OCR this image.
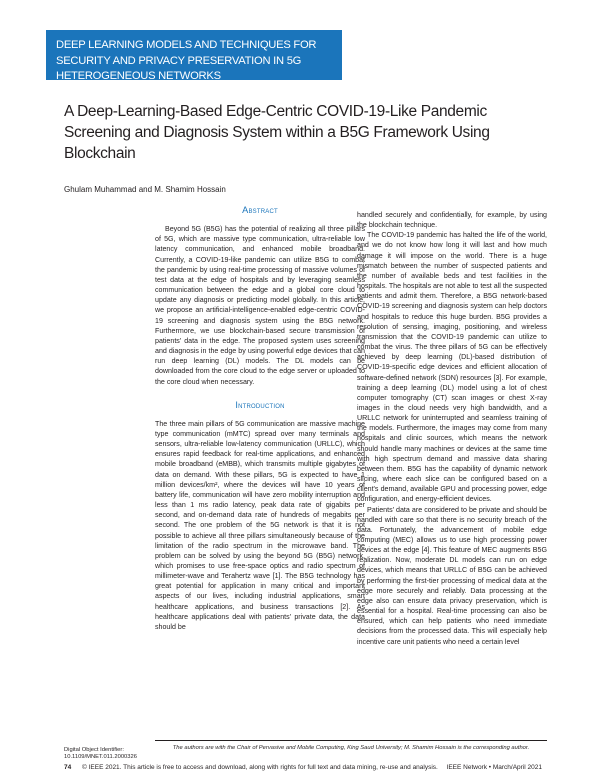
DEEP LEARNING MODELS AND TECHNIQUES FOR SECURITY AND PRIVACY PRESERVATION IN 5G HETEROGENEOUS NETWORKS
A Deep-Learning-Based Edge-Centric COVID-19-Like Pandemic Screening and Diagnosis System within a B5G Framework Using Blockchain
Ghulam Muhammad and M. Shamim Hossain
Abstract

Beyond 5G (B5G) has the potential of realizing all three pillars of 5G, which are massive type communication, ultra-reliable low latency communication, and enhanced mobile broadband. Currently, a COVID-19-like pandemic can utilize B5G to combat the pandemic by using real-time processing of massive volumes of test data at the edge of hospitals and by leveraging seamless communication between the edge and a global core cloud to update any diagnosis or predicting model globally. In this article, we propose an artificial-intelligence-enabled edge-centric COVID-19 screening and diagnosis system using the B5G network. Furthermore, we use blockchain-based secure transmission of patients' data in the edge. The proposed system uses screening and diagnosis in the edge by using powerful edge devices that can run deep learning (DL) models. The DL models can be downloaded from the core cloud to the edge server or uploaded to the core cloud when necessary.

Introduction

The three main pillars of 5G communication are massive machine type communication (mMTC) spread over many terminals and sensors, ultra-reliable low-latency communication (URLLC), which ensures rapid feedback for real-time applications, and enhanced mobile broadband (eMBB), which transmits multiple gigabytes of data on demand. With these pillars, 5G is expected to have 1 million devices/km², where the devices will have 10 years of battery life, communication will have zero mobility interruption and less than 1 ms radio latency, peak data rate of gigabits per second, and on-demand data rate of hundreds of megabits per second. The one problem of the 5G network is that it is not possible to achieve all three pillars simultaneously because of the limitation of the radio spectrum in the microwave band. The problem can be solved by using the beyond 5G (B5G) network, which promises to use free-space optics and radio spectrum of millimeter-wave and Terahertz wave [1]. The B5G technology has great potential for application in many critical and important aspects of our lives, including industrial applications, smart healthcare applications, and business transactions [2]. As healthcare applications deal with patients' private data, the data should be

handled securely and confidentially, for example, by using the blockchain technique.

The COVID-19 pandemic has halted the life of the world, and we do not know how long it will last and how much damage it will impose on the world. There is a huge mismatch between the number of suspected patients and the number of available beds and test facilities in the hospitals. The hospitals are not able to test all the suspected patients and admit them. Therefore, a B5G network-based COVID-19 screening and diagnosis system can help doctors and hospitals to reduce this huge burden. B5G provides a resolution of sensing, imaging, positioning, and wireless transmission that the COVID-19 pandemic can utilize to combat the virus. The three pillars of 5G can be effectively achieved by deep learning (DL)-based distribution of COVID-19-specific edge devices and efficient allocation of software-defined network (SDN) resources [3]. For example, training a deep learning (DL) model using a lot of chest computer tomography (CT) scan images or chest X-ray images in the cloud needs very high bandwidth, and a URLLC network for uninterrupted and seamless training of the models. Furthermore, the images may come from many hospitals and clinic sources, which means the network should handle many machines or devices at the same time with high spectrum demand and massive data sharing between them. B5G has the capability of dynamic network slicing, where each slice can be configured based on a client's demand, available GPU and processing power, edge configuration, and energy-efficient devices.

Patients' data are considered to be private and should be handled with care so that there is no security breach of the data. Fortunately, the advancement of mobile edge computing (MEC) allows us to use high processing power devices at the edge [4]. This feature of MEC augments B5G realization. Now, moderate DL models can run on edge devices, which means that URLLC of B5G can be achieved by performing the first-tier processing of medical data at the edge more securely and reliably. Data processing at the edge also can ensure data privacy preservation, which is essential for a hospital. Real-time processing can also be ensured, which can help patients who need immediate decisions from the processed data. This will especially help incentive care unit patients who need a certain level

Digital Object Identifier:
10.1109/MNET.011.2000326
The authors are with the Chair of Pervasive and Mobile Computing, King Saud University; M. Shamim Hossain is the corresponding author.
74 © IEEE 2021. This article is free to access and download, along with rights for full text and data mining, re-use and analysis. IEEE Network • March/April 2021
